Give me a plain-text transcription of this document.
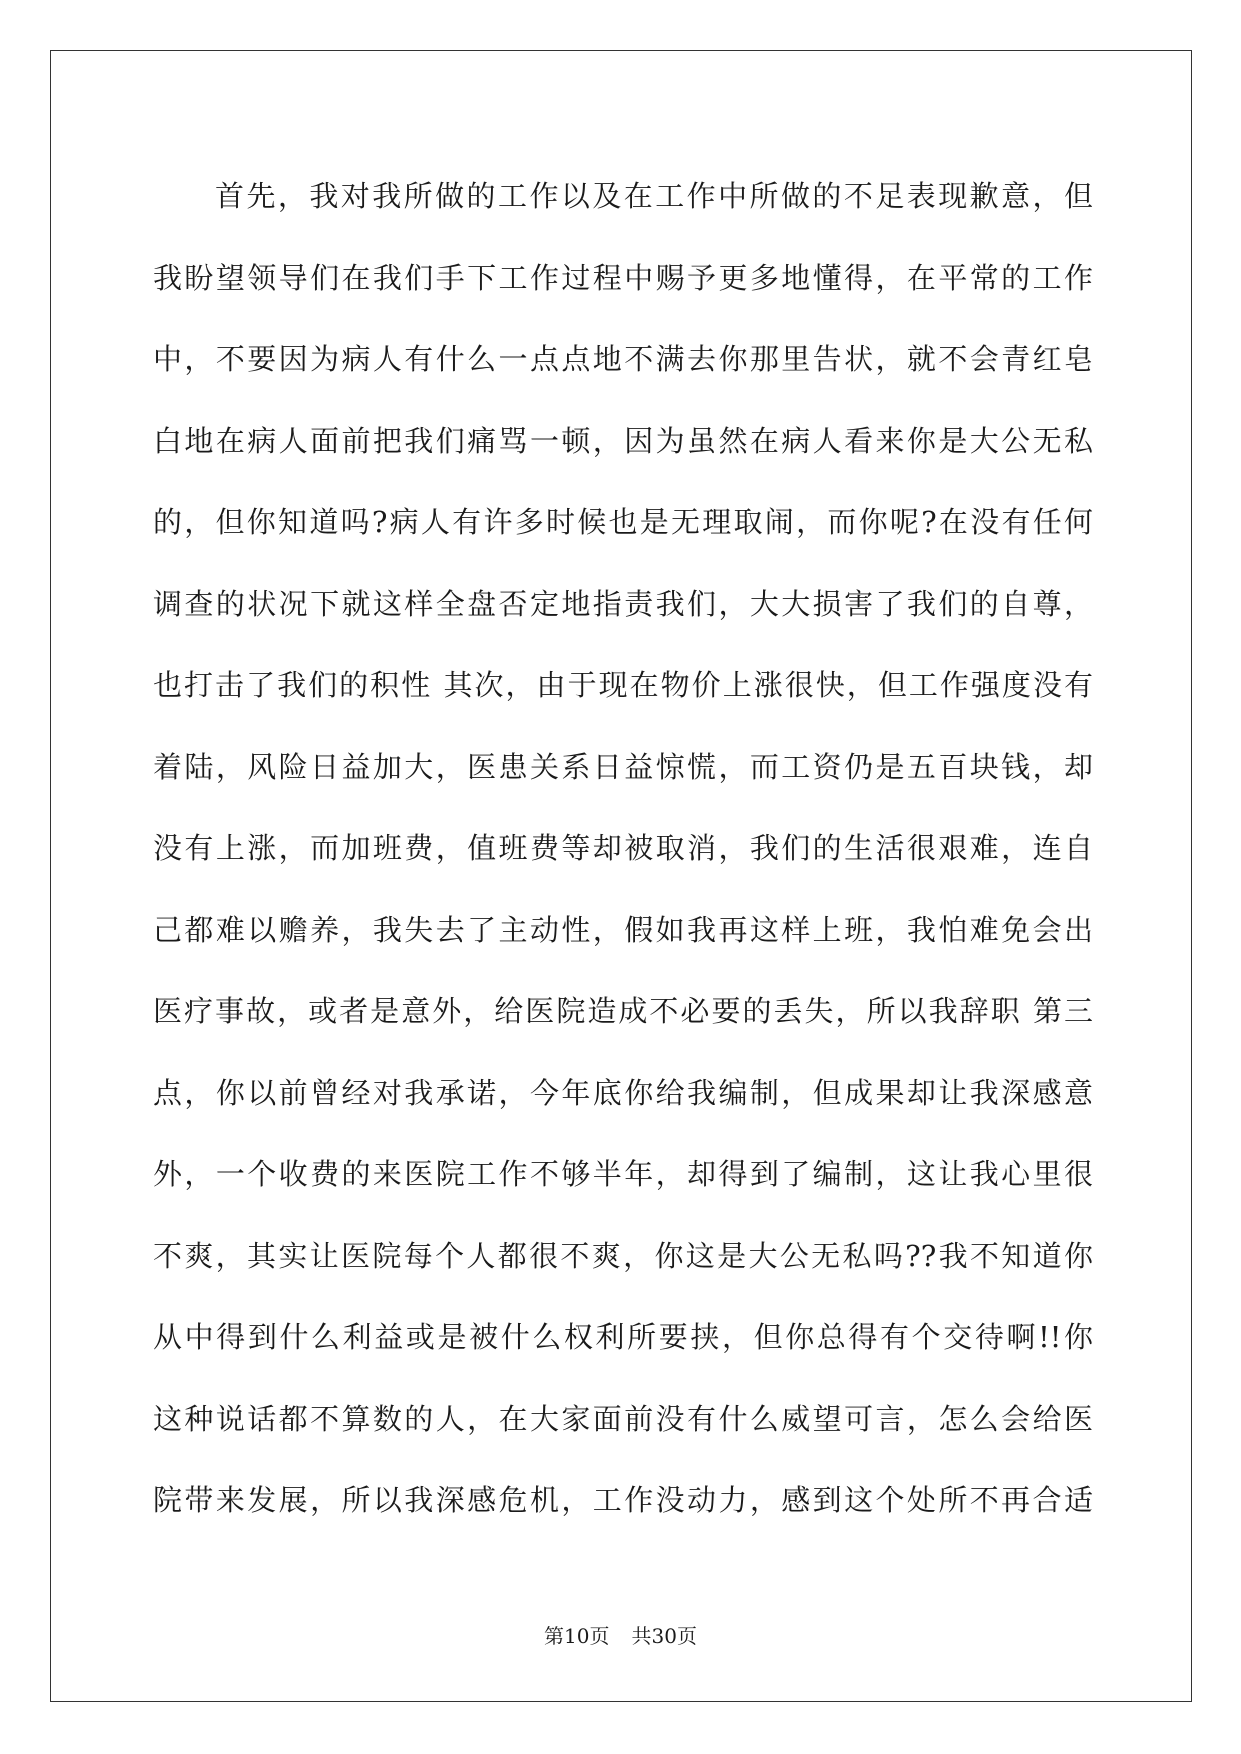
首先，我对我所做的工作以及在工作中所做的不足表现歉意，但
我盼望领导们在我们手下工作过程中赐予更多地懂得，在平常的工作
中，不要因为病人有什么一点点地不满去你那里告状，就不会青红皂
白地在病人面前把我们痛骂一顿，因为虽然在病人看来你是大公无私
的，但你知道吗?病人有许多时候也是无理取闹，而你呢?在没有任何
调查的状况下就这样全盘否定地指责我们，大大损害了我们的自尊，
也打击了我们的积性 其次，由于现在物价上涨很快，但工作强度没有
着陆，风险日益加大，医患关系日益惊慌，而工资仍是五百块钱，却
没有上涨，而加班费，值班费等却被取消，我们的生活很艰难，连自
己都难以赡养，我失去了主动性，假如我再这样上班，我怕难免会出
医疗事故，或者是意外，给医院造成不必要的丢失，所以我辞职 第三
点，你以前曾经对我承诺，今年底你给我编制，但成果却让我深感意
外，一个收费的来医院工作不够半年，却得到了编制，这让我心里很
不爽，其实让医院每个人都很不爽，你这是大公无私吗??我不知道你
从中得到什么利益或是被什么权利所要挟，但你总得有个交待啊!!你
这种说话都不算数的人，在大家面前没有什么威望可言，怎么会给医
院带来发展，所以我深感危机，工作没动力，感到这个处所不再合适
第10页 共30页
